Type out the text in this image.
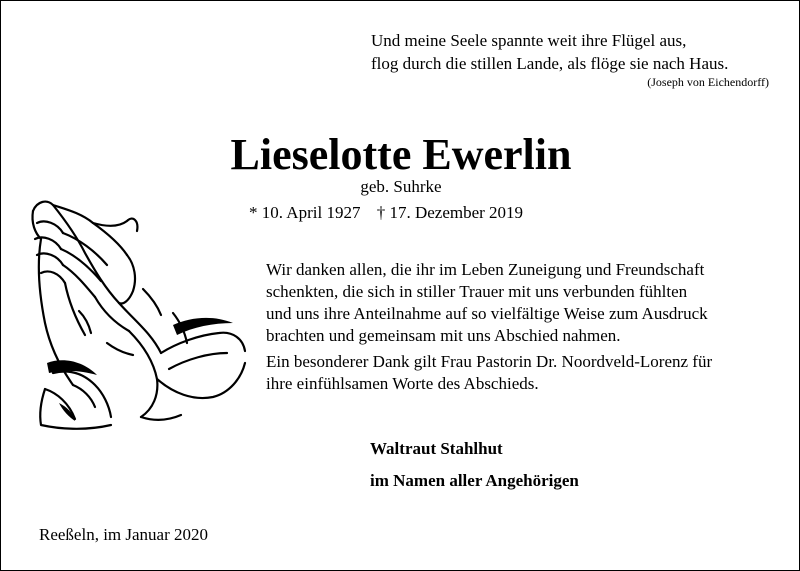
Und meine Seele spannte weit ihre Flügel aus,
flog durch die stillen Lande, als flöge sie nach Haus.
(Joseph von Eichendorff)
Lieselotte Ewerlin
geb. Suhrke
* 10. April 1927 † 17. Dezember 2019
Wir danken allen, die ihr im Leben Zuneigung und Freundschaft
schenkten, die sich in stiller Trauer mit uns verbunden fühlten
und uns ihre Anteilnahme auf so vielfältige Weise zum Ausdruck
brachten und gemeinsam mit uns Abschied nahmen.
Ein besonderer Dank gilt Frau Pastorin Dr. Noordveld-Lorenz für
ihre einfühlsamen Worte des Abschieds.
Waltraut Stahlhut
im Namen aller Angehörigen
Reeßeln, im Januar 2020
